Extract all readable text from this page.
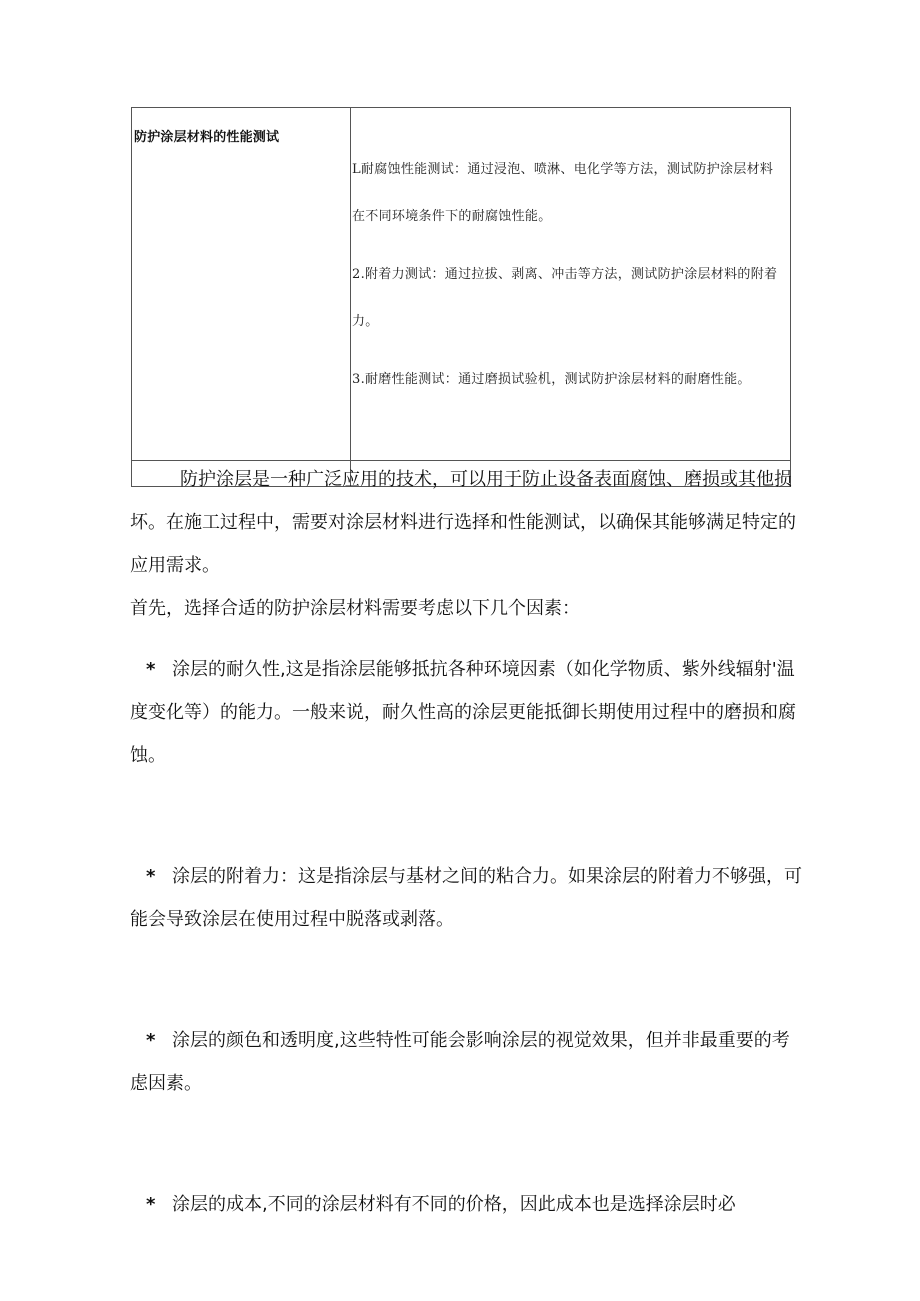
防护涂层材料的性能测试	L耐腐蚀性能测试：通过浸泡、喷淋、电化学等方法，测试防护涂层材料在不同环境条件下的耐腐蚀性能。

2.附着力测试：通过拉拔、剥离、冲击等方法，测试防护涂层材料的附着力。

3.耐磨性能测试：通过磨损试验机，测试防护涂层材料的耐磨性能。

防护涂层是一种广泛应用的技术，可以用于防止设备表面腐蚀、磨损或其他损坏。在施工过程中，需要对涂层材料进行选择和性能测试，以确保其能够满足特定的应用需求。

首先，选择合适的防护涂层材料需要考虑以下几个因素：

* 涂层的耐久性,这是指涂层能够抵抗各种环境因素（如化学物质、紫外线辐射'温度变化等）的能力。一般来说，耐久性高的涂层更能抵御长期使用过程中的磨损和腐蚀。

* 涂层的附着力：这是指涂层与基材之间的粘合力。如果涂层的附着力不够强，可能会导致涂层在使用过程中脱落或剥落。

* 涂层的颜色和透明度,这些特性可能会影响涂层的视觉效果，但并非最重要的考虑因素。

* 涂层的成本,不同的涂层材料有不同的价格，因此成本也是选择涂层时必
